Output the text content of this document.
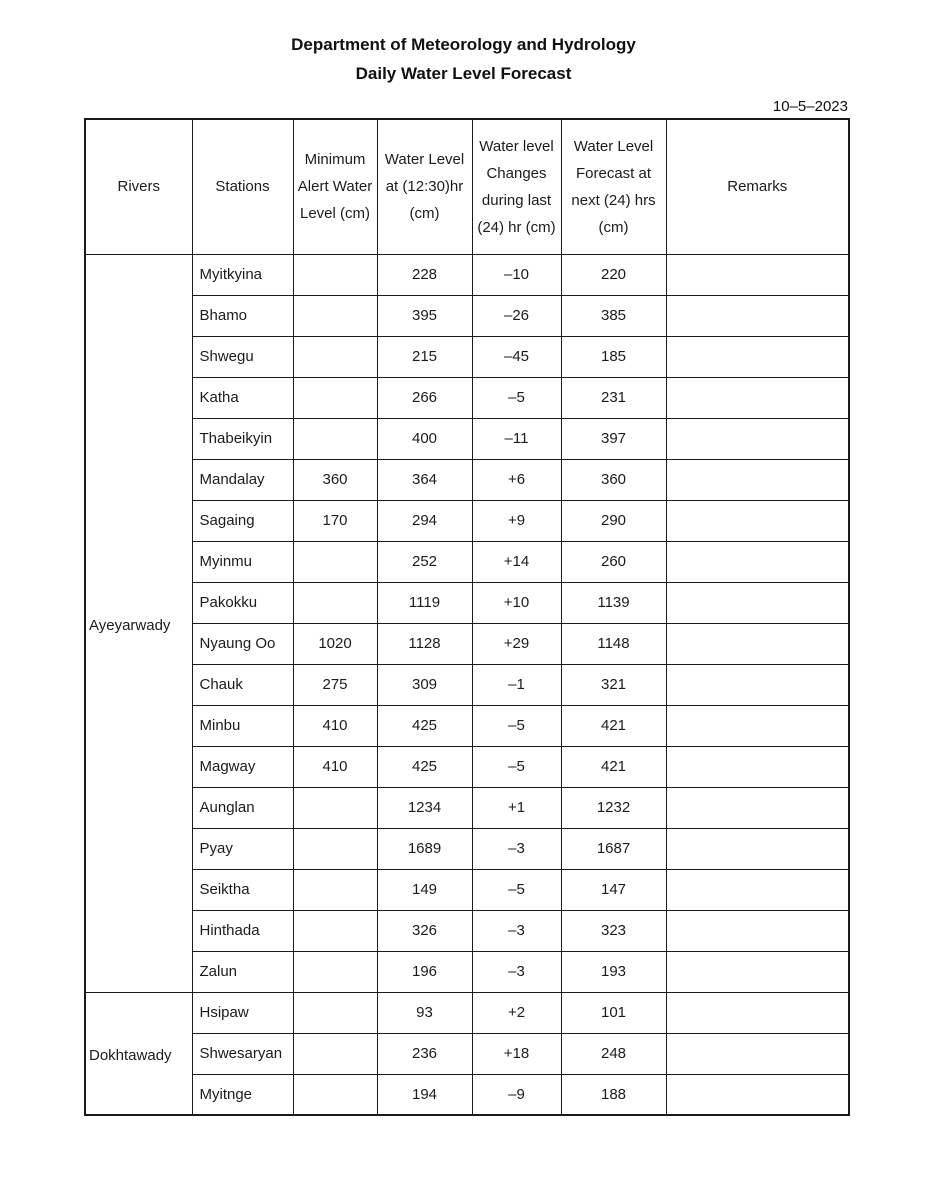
Department of Meteorology and Hydrology
Daily Water Level Forecast
10–5–2023
Rivers	Stations	Minimum Alert Water Level (cm)	Water Level at (12:30)hr (cm)	Water level Changes during last (24) hr (cm)	Water Level Forecast at next (24) hrs (cm)	Remarks
Ayeyarwady	Myitkyina		228	–10	220	
	Bhamo		395	–26	385	
	Shwegu		215	–45	185	
	Katha		266	–5	231	
	Thabeikyin		400	–11	397	
	Mandalay	360	364	+6	360	
	Sagaing	170	294	+9	290	
	Myinmu		252	+14	260	
	Pakokku		1119	+10	1139	
	Nyaung Oo	1020	1128	+29	1148	
	Chauk	275	309	–1	321	
	Minbu	410	425	–5	421	
	Magway	410	425	–5	421	
	Aunglan		1234	+1	1232	
	Pyay		1689	–3	1687	
	Seiktha		149	–5	147	
	Hinthada		326	–3	323	
	Zalun		196	–3	193	
Dokhtawady	Hsipaw		93	+2	101	
	Shwesaryan		236	+18	248	
	Myitnge		194	–9	188	
